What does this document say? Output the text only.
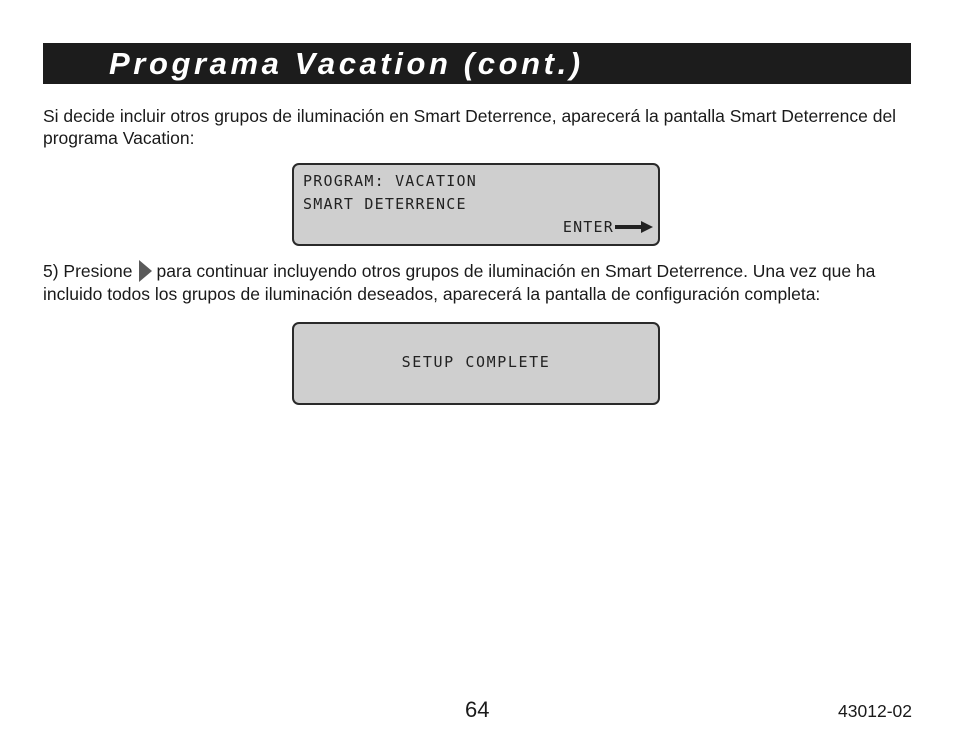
Programa Vacation (cont.)

Si decide incluir otros grupos de iluminación en Smart Deterrence, aparecerá la pantalla Smart Deterrence del programa Vacation:

PROGRAM: VACATION
SMART DETERRENCE
ENTER

5) Presione para continuar incluyendo otros grupos de iluminación en Smart Deterrence. Una vez que ha incluido todos los grupos de iluminación deseados, aparecerá la pantalla de configuración completa:

SETUP COMPLETE
64	43012-02
